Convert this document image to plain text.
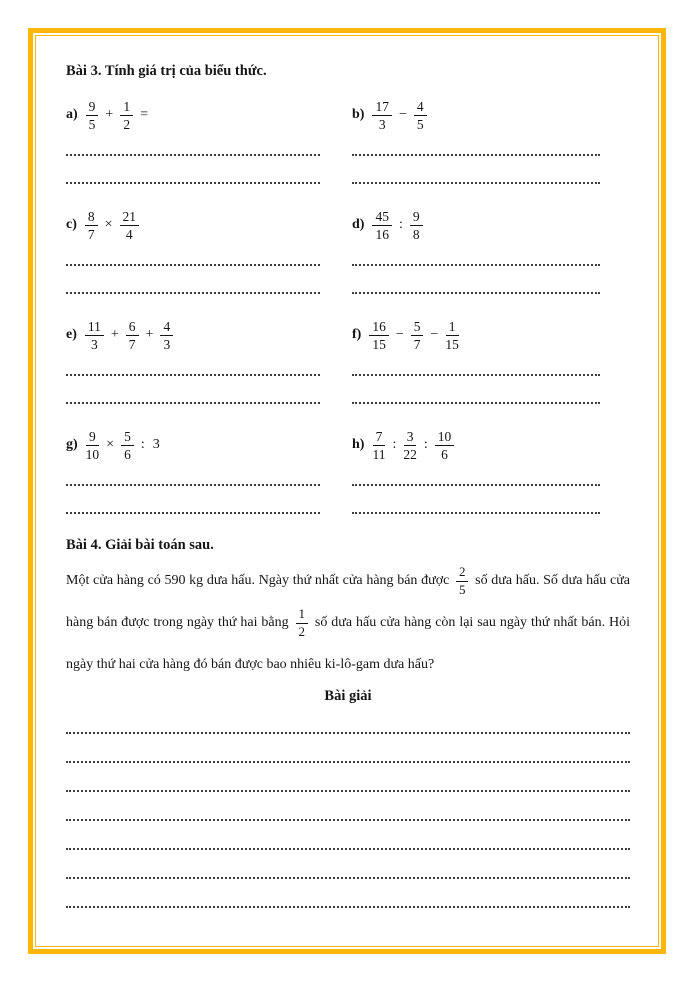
Bài 3. Tính giá trị của biểu thức.
$a) \frac{9}{5} + \frac{1}{2}$ =	$b) \frac{17}{3} - \frac{4}{5}$
$c) \frac{8}{7} \times \frac{21}{4}$	$d) \frac{45}{16}$ : $\frac{9}{8}$
$e) \frac{11}{3} + \frac{6}{7} + \frac{4}{3}$	$f) \frac{16}{15} - \frac{5}{7} - \frac{1}{15}$
$g) \frac{9}{10} \times \frac{5}{6}$ : 3	$h) \frac{7}{11}$ : $\frac{3}{22}$ : $\frac{10}{6}$
Bài 4. Giải bài toán sau.

Một cửa hàng có 590 kg dưa hấu. Ngày thứ nhất cửa hàng bán được $\frac{2}{5}$ số dưa hấu. Số dưa hấu cửa hàng bán được trong ngày thứ hai bằng $\frac{1}{2}$ số dưa hấu cửa hàng còn lại sau ngày thứ nhất bán. Hỏi ngày thứ hai cửa hàng đó bán được bao nhiêu ki-lô-gam dưa hấu?

Bài giải
